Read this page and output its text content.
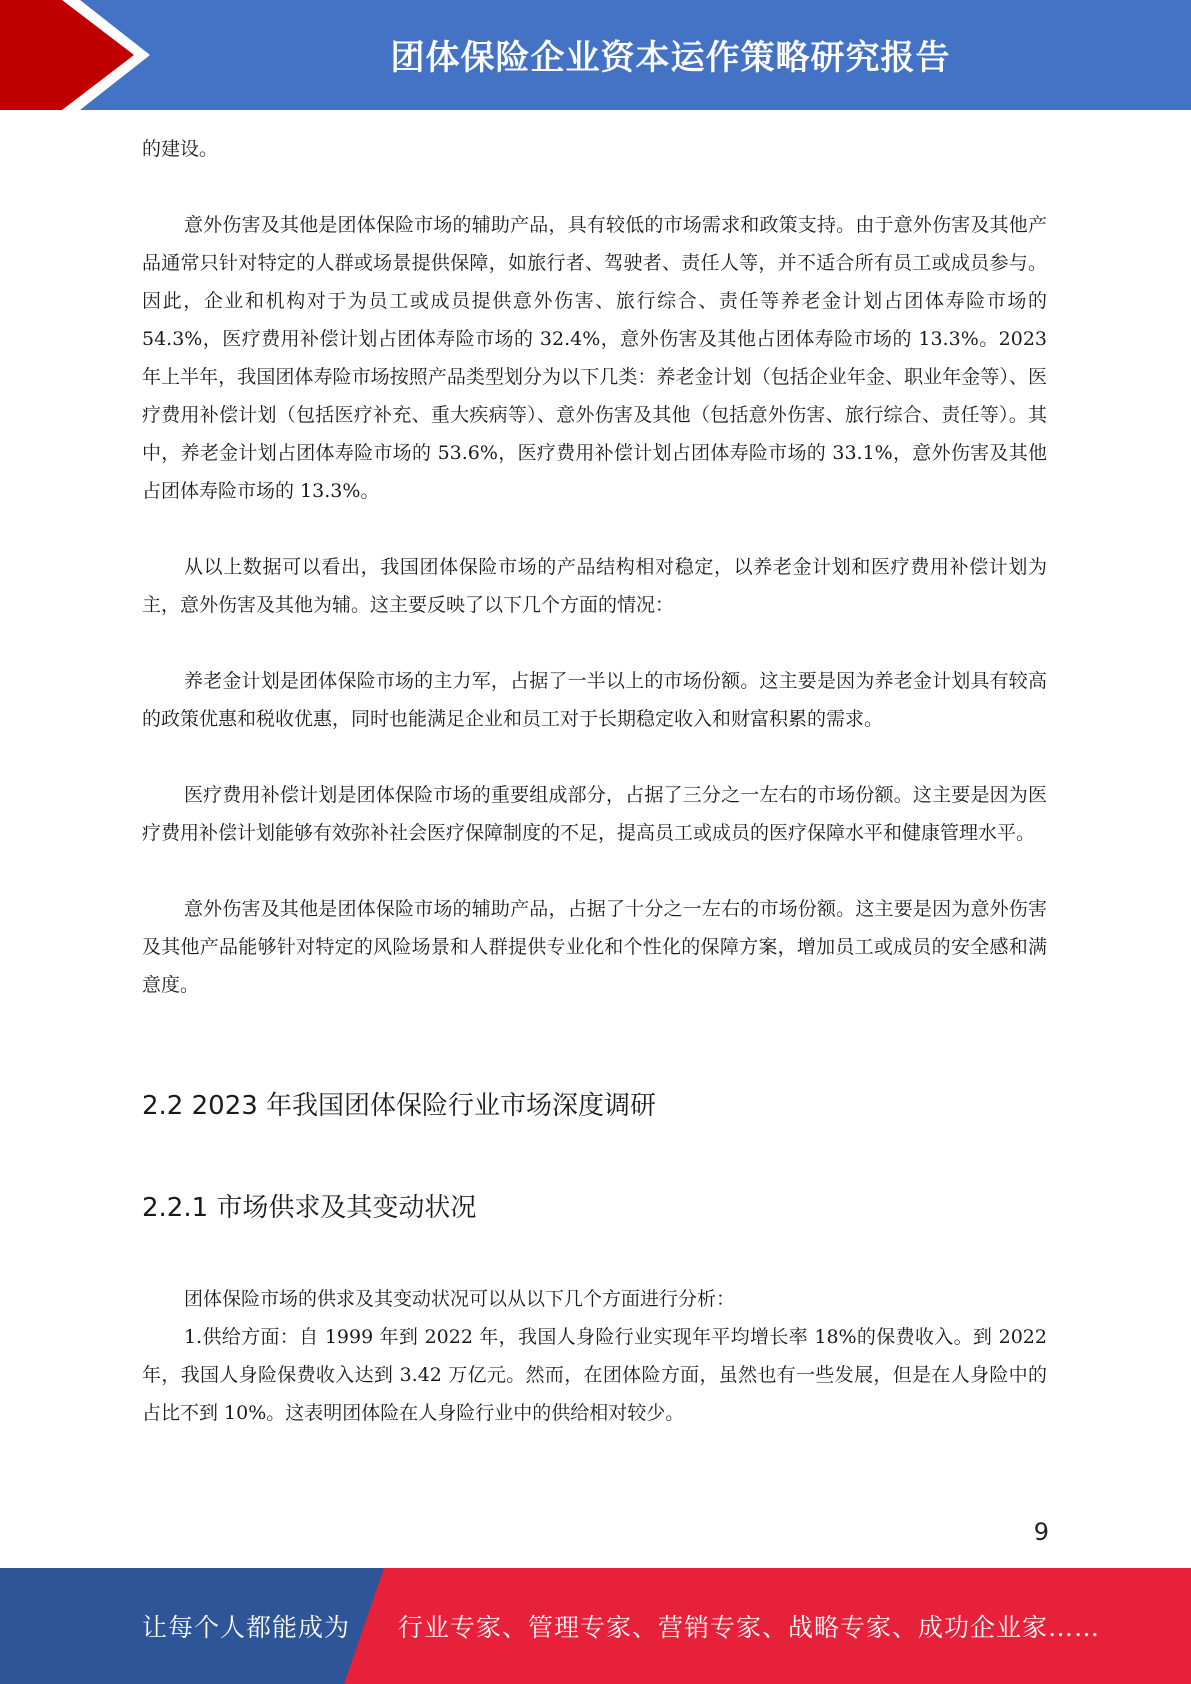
团体保险企业资本运作策略研究报告

的建设。

意外伤害及其他是团体保险市场的辅助产品，具有较低的市场需求和政策支持。由于意外伤害及其他产品通常只针对特定的人群或场景提供保障，如旅行者、驾驶者、责任人等，并不适合所有员工或成员参与。因此，企业和机构对于为员工或成员提供意外伤害、旅行综合、责任等养老金计划占团体寿险市场的 54.3%，医疗费用补偿计划占团体寿险市场的 32.4%，意外伤害及其他占团体寿险市场的 13.3%。2023 年上半年，我国团体寿险市场按照产品类型划分为以下几类：养老金计划（包括企业年金、职业年金等）、医疗费用补偿计划（包括医疗补充、重大疾病等）、意外伤害及其他（包括意外伤害、旅行综合、责任等）。其中，养老金计划占团体寿险市场的 53.6%，医疗费用补偿计划占团体寿险市场的 33.1%，意外伤害及其他占团体寿险市场的 13.3%。

从以上数据可以看出，我国团体保险市场的产品结构相对稳定，以养老金计划和医疗费用补偿计划为主，意外伤害及其他为辅。这主要反映了以下几个方面的情况：

养老金计划是团体保险市场的主力军，占据了一半以上的市场份额。这主要是因为养老金计划具有较高的政策优惠和税收优惠，同时也能满足企业和员工对于长期稳定收入和财富积累的需求。

医疗费用补偿计划是团体保险市场的重要组成部分，占据了三分之一左右的市场份额。这主要是因为医疗费用补偿计划能够有效弥补社会医疗保障制度的不足，提高员工或成员的医疗保障水平和健康管理水平。

意外伤害及其他是团体保险市场的辅助产品，占据了十分之一左右的市场份额。这主要是因为意外伤害及其他产品能够针对特定的风险场景和人群提供专业化和个性化的保障方案，增加员工或成员的安全感和满意度。

2.2 2023 年我国团体保险行业市场深度调研
2.2.1 市场供求及其变动状况

团体保险市场的供求及其变动状况可以从以下几个方面进行分析：

1.供给方面：自 1999 年到 2022 年，我国人身险行业实现年平均增长率 18%的保费收入。到 2022 年，我国人身险保费收入达到 3.42 万亿元。然而，在团体险方面，虽然也有一些发展，但是在人身险中的占比不到 10%。这表明团体险在人身险行业中的供给相对较少。

9
让每个人都能成为 行业专家、管理专家、营销专家、战略专家、成功企业家……
